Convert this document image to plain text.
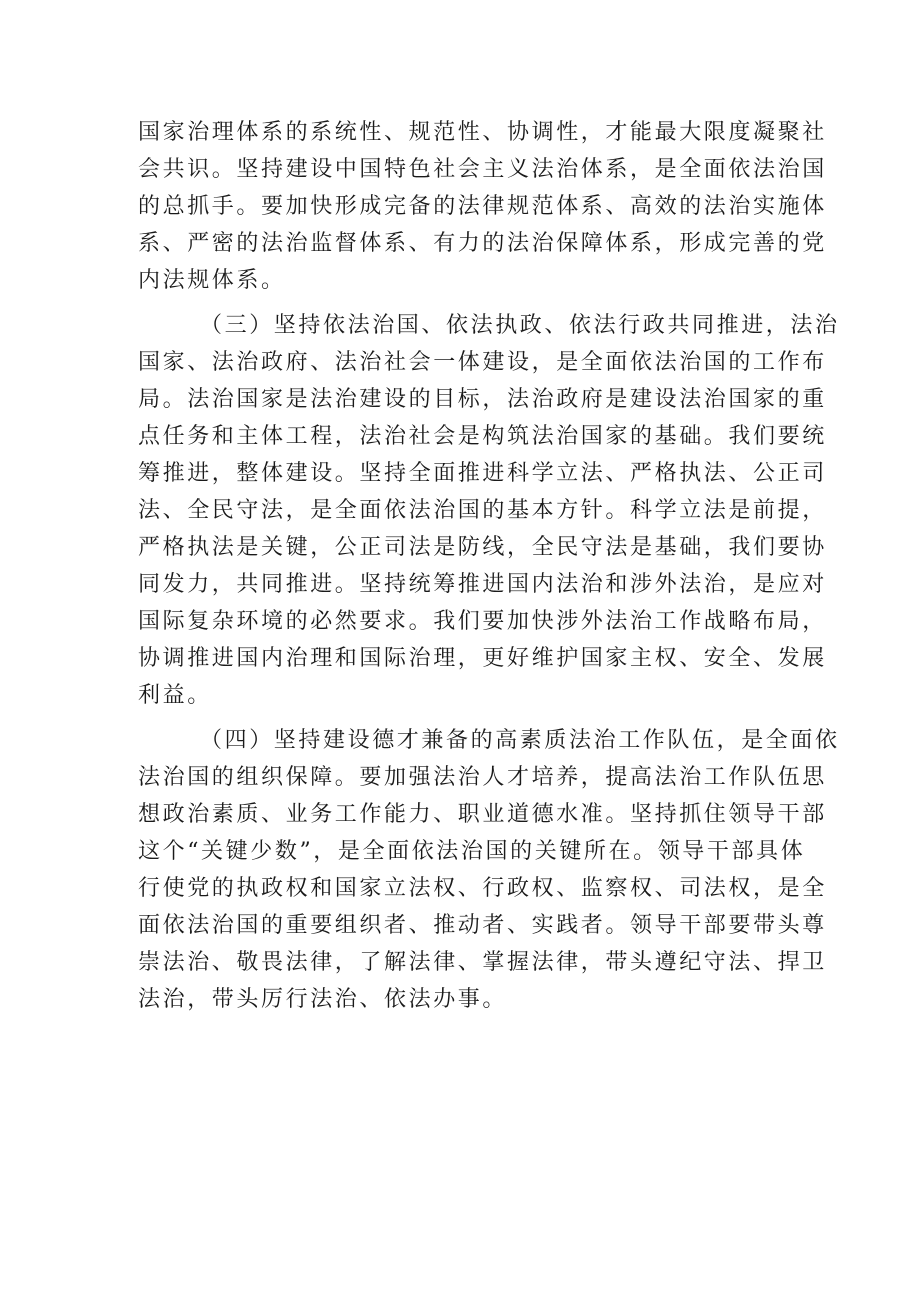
国家治理体系的系统性、规范性、协调性，才能最大限度凝聚社
会共识。坚持建设中国特色社会主义法治体系，是全面依法治国
的总抓手。要加快形成完备的法律规范体系、高效的法治实施体
系、严密的法治监督体系、有力的法治保障体系，形成完善的党
内法规体系。
（三）坚持依法治国、依法执政、依法行政共同推进，法治
国家、法治政府、法治社会一体建设，是全面依法治国的工作布
局。法治国家是法治建设的目标，法治政府是建设法治国家的重
点任务和主体工程，法治社会是构筑法治国家的基础。我们要统
筹推进，整体建设。坚持全面推进科学立法、严格执法、公正司
法、全民守法，是全面依法治国的基本方针。科学立法是前提，
严格执法是关键，公正司法是防线，全民守法是基础，我们要协
同发力，共同推进。坚持统筹推进国内法治和涉外法治，是应对
国际复杂环境的必然要求。我们要加快涉外法治工作战略布局，
协调推进国内治理和国际治理，更好维护国家主权、安全、发展
利益。
（四）坚持建设德才兼备的高素质法治工作队伍，是全面依
法治国的组织保障。要加强法治人才培养，提高法治工作队伍思
想政治素质、业务工作能力、职业道德水准。坚持抓住领导干部
这个“关键少数”，是全面依法治国的关键所在。领导干部具体
行使党的执政权和国家立法权、行政权、监察权、司法权，是全
面依法治国的重要组织者、推动者、实践者。领导干部要带头尊
崇法治、敬畏法律，了解法律、掌握法律，带头遵纪守法、捍卫
法治，带头厉行法治、依法办事。
